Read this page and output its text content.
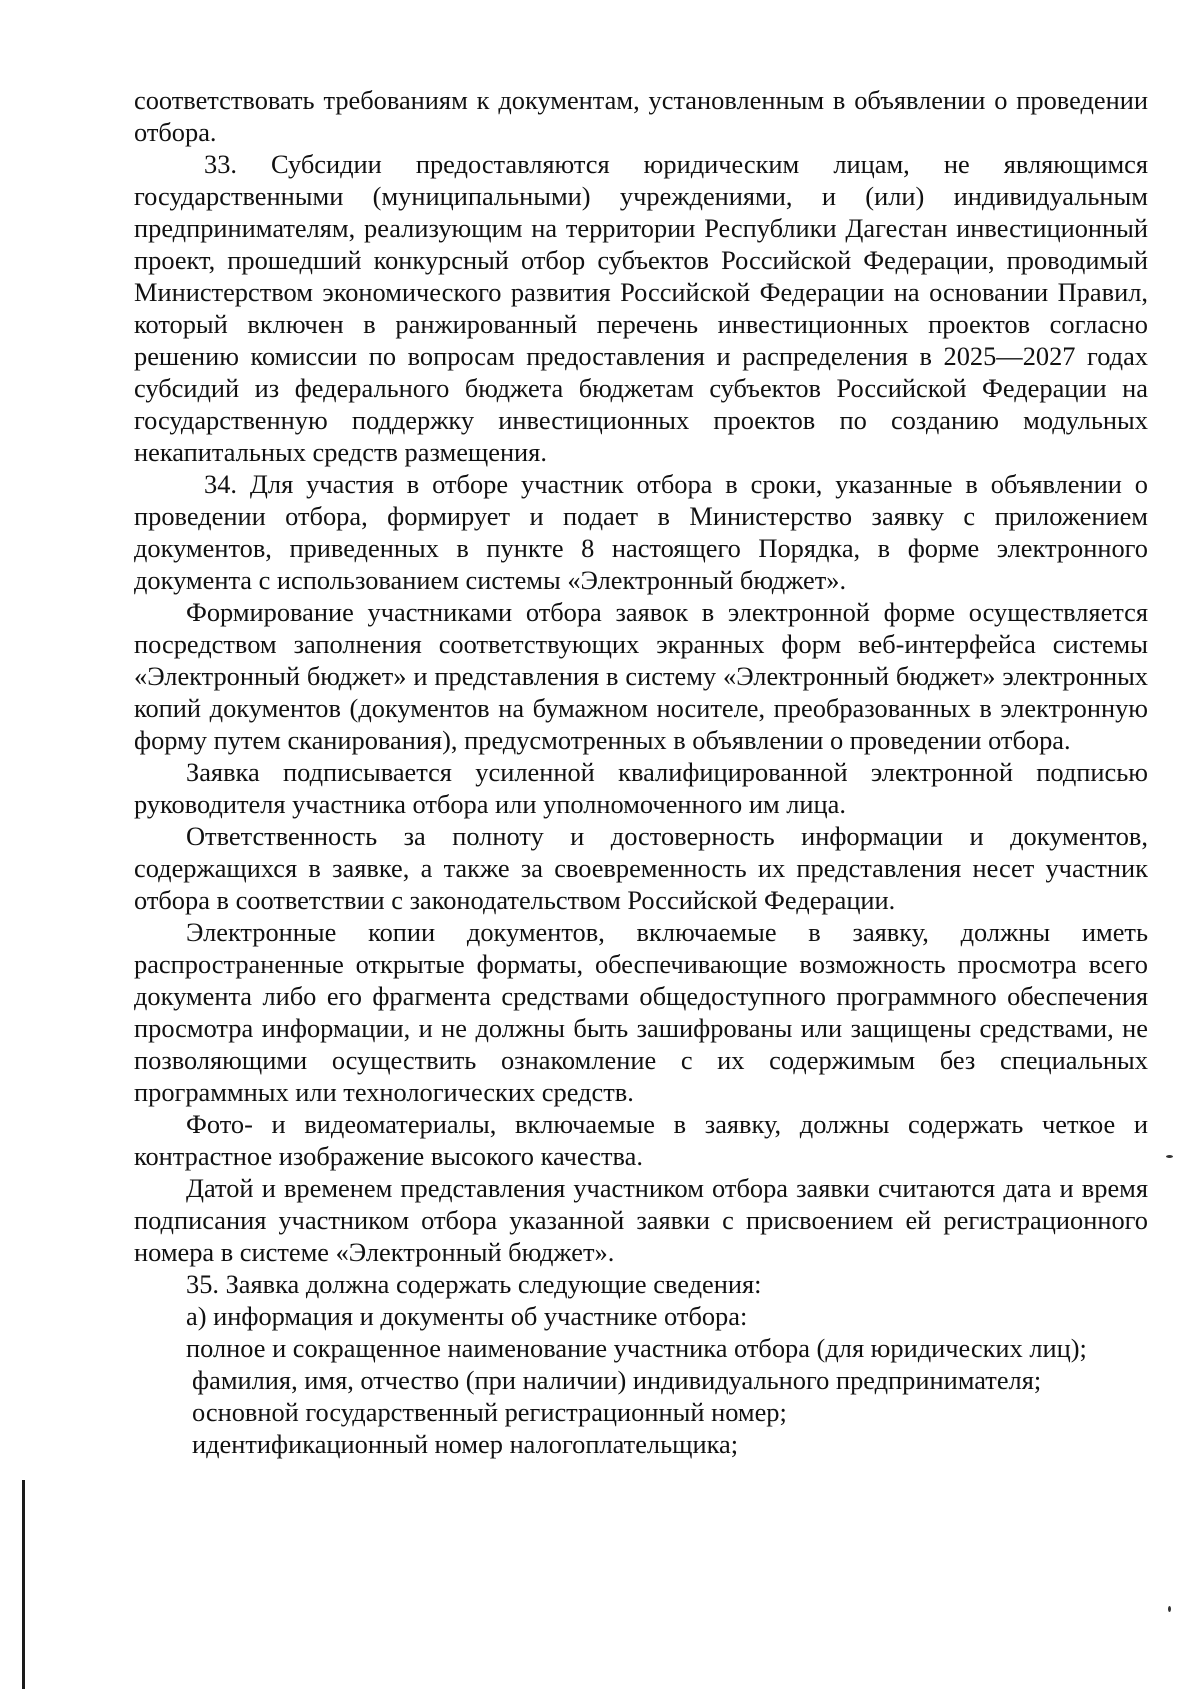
соответствовать требованиям к документам, установленным в объявлении о проведении отбора.

33. Субсидии предоставляются юридическим лицам, не являющимся государственными (муниципальными) учреждениями, и (или) индивидуальным предпринимателям, реализующим на территории Республики Дагестан инвестиционный проект, прошедший конкурсный отбор субъектов Российской Федерации, проводимый Министерством экономического развития Российской Федерации на основании Правил, который включен в ранжированный перечень инвестиционных проектов согласно решению комиссии по вопросам предоставления и распределения в 2025—2027 годах субсидий из федерального бюджета бюджетам субъектов Российской Федерации на государственную поддержку инвестиционных проектов по созданию модульных некапитальных средств размещения.

34. Для участия в отборе участник отбора в сроки, указанные в объявлении о проведении отбора, формирует и подает в Министерство заявку с приложением документов, приведенных в пункте 8 настоящего Порядка, в форме электронного документа с использованием системы «Электронный бюджет».

Формирование участниками отбора заявок в электронной форме осуществляется посредством заполнения соответствующих экранных форм веб-интерфейса системы «Электронный бюджет» и представления в систему «Электронный бюджет» электронных копий документов (документов на бумажном носителе, преобразованных в электронную форму путем сканирования), предусмотренных в объявлении о проведении отбора.

Заявка подписывается усиленной квалифицированной электронной подписью руководителя участника отбора или уполномоченного им лица.

Ответственность за полноту и достоверность информации и документов, содержащихся в заявке, а также за своевременность их представления несет участник отбора в соответствии с законодательством Российской Федерации.

Электронные копии документов, включаемые в заявку, должны иметь распространенные открытые форматы, обеспечивающие возможность просмотра всего документа либо его фрагмента средствами общедоступного программного обеспечения просмотра информации, и не должны быть зашифрованы или защищены средствами, не позволяющими осуществить ознакомление с их содержимым без специальных программных или технологических средств.

Фото- и видеоматериалы, включаемые в заявку, должны содержать четкое и контрастное изображение высокого качества.

Датой и временем представления участником отбора заявки считаются дата и время подписания участником отбора указанной заявки с присвоением ей регистрационного номера в системе «Электронный бюджет».

35. Заявка должна содержать следующие сведения:

а) информация и документы об участнике отбора:

полное и сокращенное наименование участника отбора (для юридических лиц);

фамилия, имя, отчество (при наличии) индивидуального предпринимателя;

основной государственный регистрационный номер;

идентификационный номер налогоплательщика;
